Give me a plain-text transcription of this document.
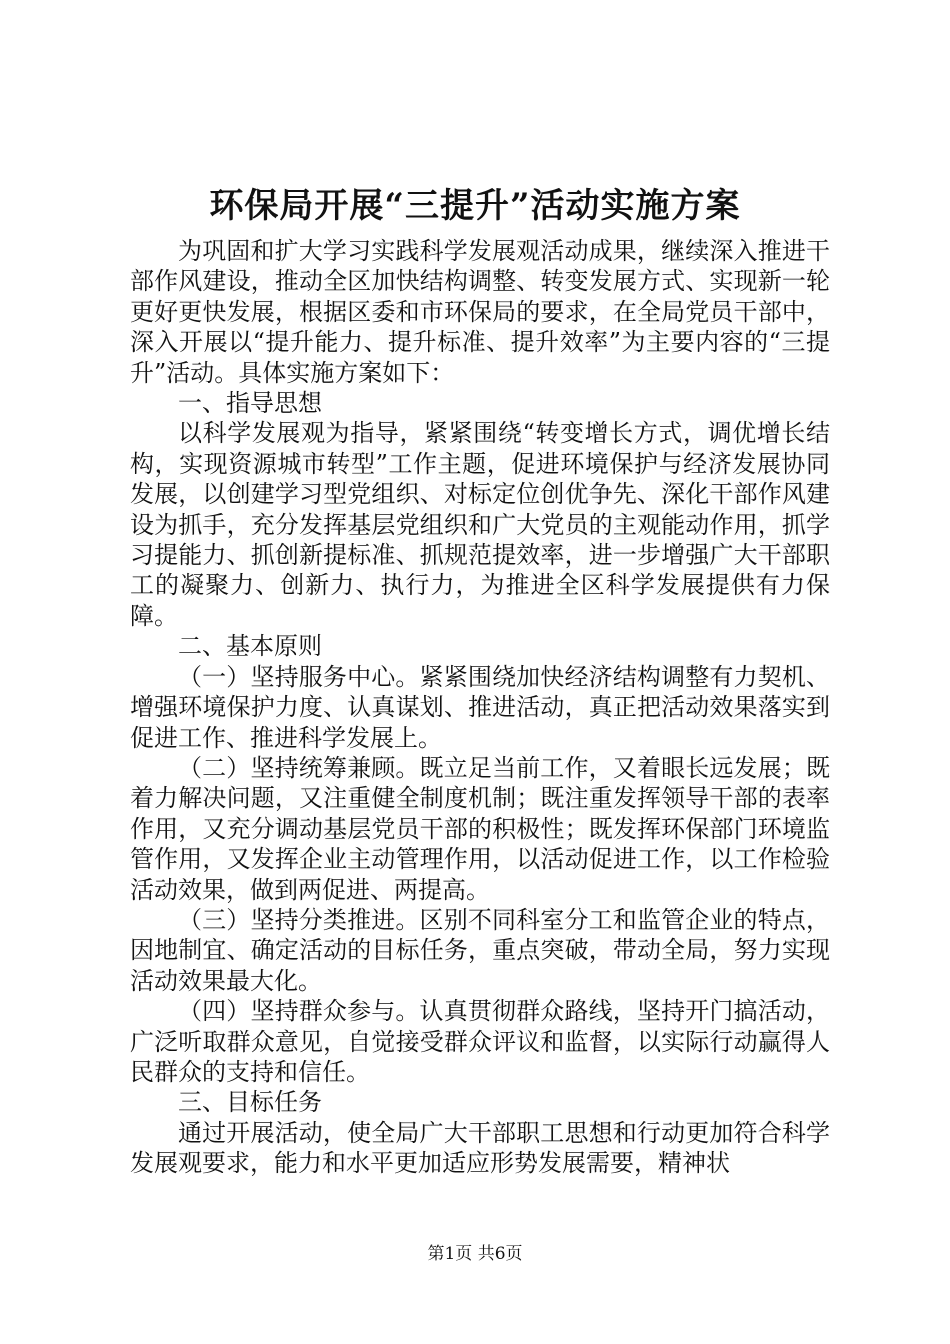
环保局开展“三提升”活动实施方案

为巩固和扩大学习实践科学发展观活动成果，继续深入推进干部作风建设，推动全区加快结构调整、转变发展方式、实现新一轮更好更快发展，根据区委和市环保局的要求，在全局党员干部中，深入开展以“提升能力、提升标准、提升效率”为主要内容的“三提升”活动。具体实施方案如下：

一、指导思想

以科学发展观为指导，紧紧围绕“转变增长方式，调优增长结构，实现资源城市转型”工作主题，促进环境保护与经济发展协同发展，以创建学习型党组织、对标定位创优争先、深化干部作风建设为抓手，充分发挥基层党组织和广大党员的主观能动作用，抓学习提能力、抓创新提标准、抓规范提效率，进一步增强广大干部职工的凝聚力、创新力、执行力，为推进全区科学发展提供有力保障。

二、基本原则

（一）坚持服务中心。紧紧围绕加快经济结构调整有力契机、增强环境保护力度、认真谋划、推进活动，真正把活动效果落实到促进工作、推进科学发展上。

（二）坚持统筹兼顾。既立足当前工作，又着眼长远发展；既着力解决问题，又注重健全制度机制；既注重发挥领导干部的表率作用，又充分调动基层党员干部的积极性；既发挥环保部门环境监管作用，又发挥企业主动管理作用，以活动促进工作，以工作检验活动效果，做到两促进、两提高。

（三）坚持分类推进。区别不同科室分工和监管企业的特点，因地制宜、确定活动的目标任务，重点突破，带动全局，努力实现活动效果最大化。

（四）坚持群众参与。认真贯彻群众路线，坚持开门搞活动，广泛听取群众意见，自觉接受群众评议和监督，以实际行动赢得人民群众的支持和信任。

三、目标任务

通过开展活动，使全局广大干部职工思想和行动更加符合科学发展观要求，能力和水平更加适应形势发展需要，精神状

第1页 共6页
